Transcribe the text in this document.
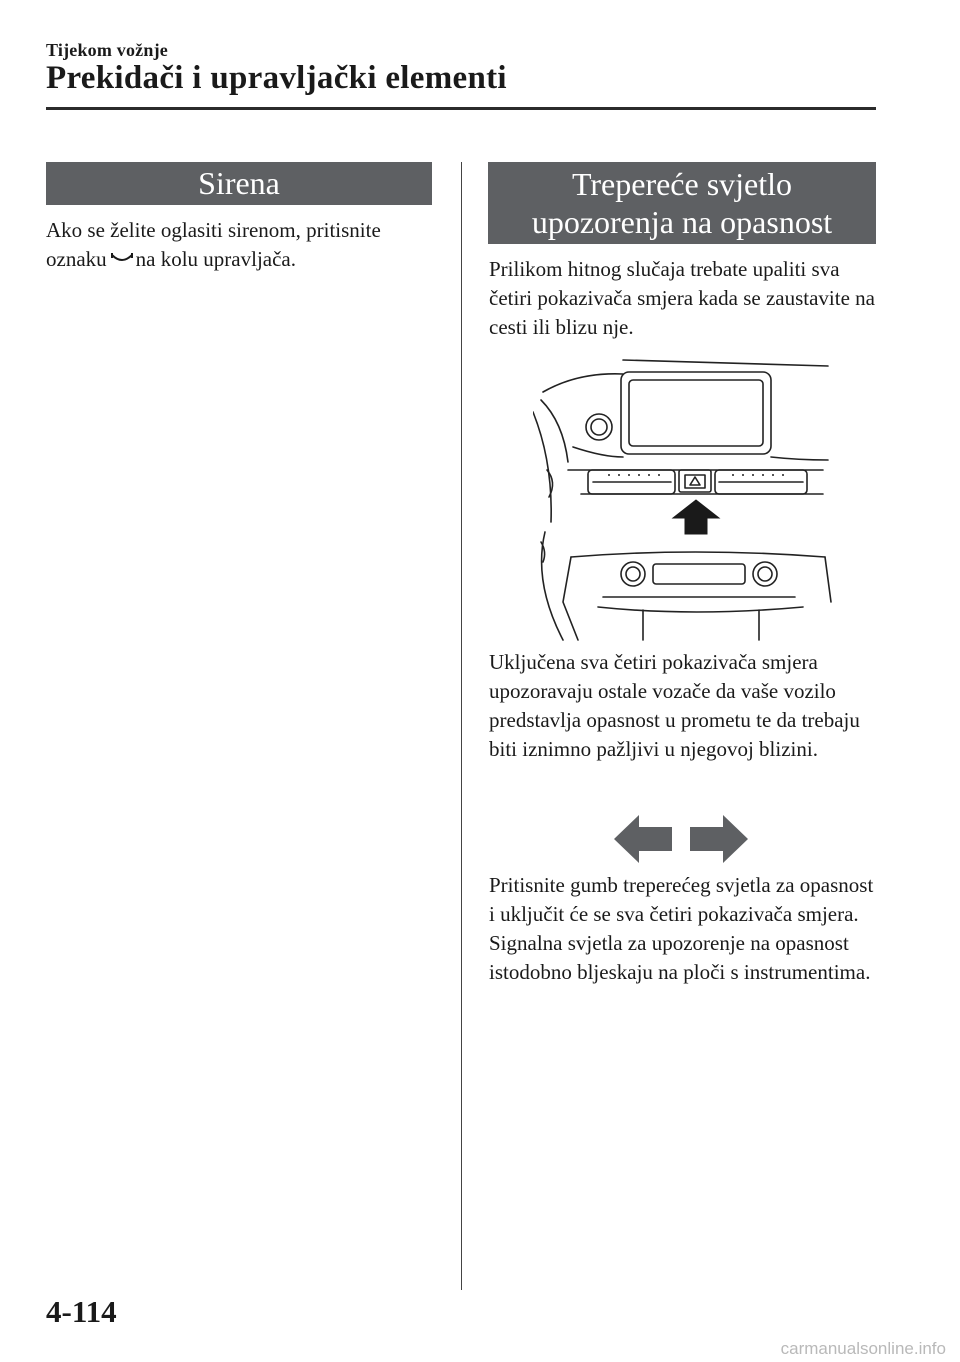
Tijekom vožnje
Prekidači i upravljački elementi
Sirena

Ako se želite oglasiti sirenom, pritisnite oznaku na kolu upravljača.

Trepereće svjetlo
upozorenja na opasnost

Prilikom hitnog slučaja trebate upaliti sva četiri pokazivača smjera kada se zaustavite na cesti ili blizu nje.

Uključena sva četiri pokazivača smjera upozoravaju ostale vozače da vaše vozilo predstavlja opasnost u prometu te da trebaju biti iznimno pažljivi u njegovoj blizini.

Pritisnite gumb treperećeg svjetla za opasnost i uključit će se sva četiri pokazivača smjera. Signalna svjetla za upozorenje na opasnost istodobno bljeskaju na ploči s instrumentima.

4-114
carmanualsonline.info
